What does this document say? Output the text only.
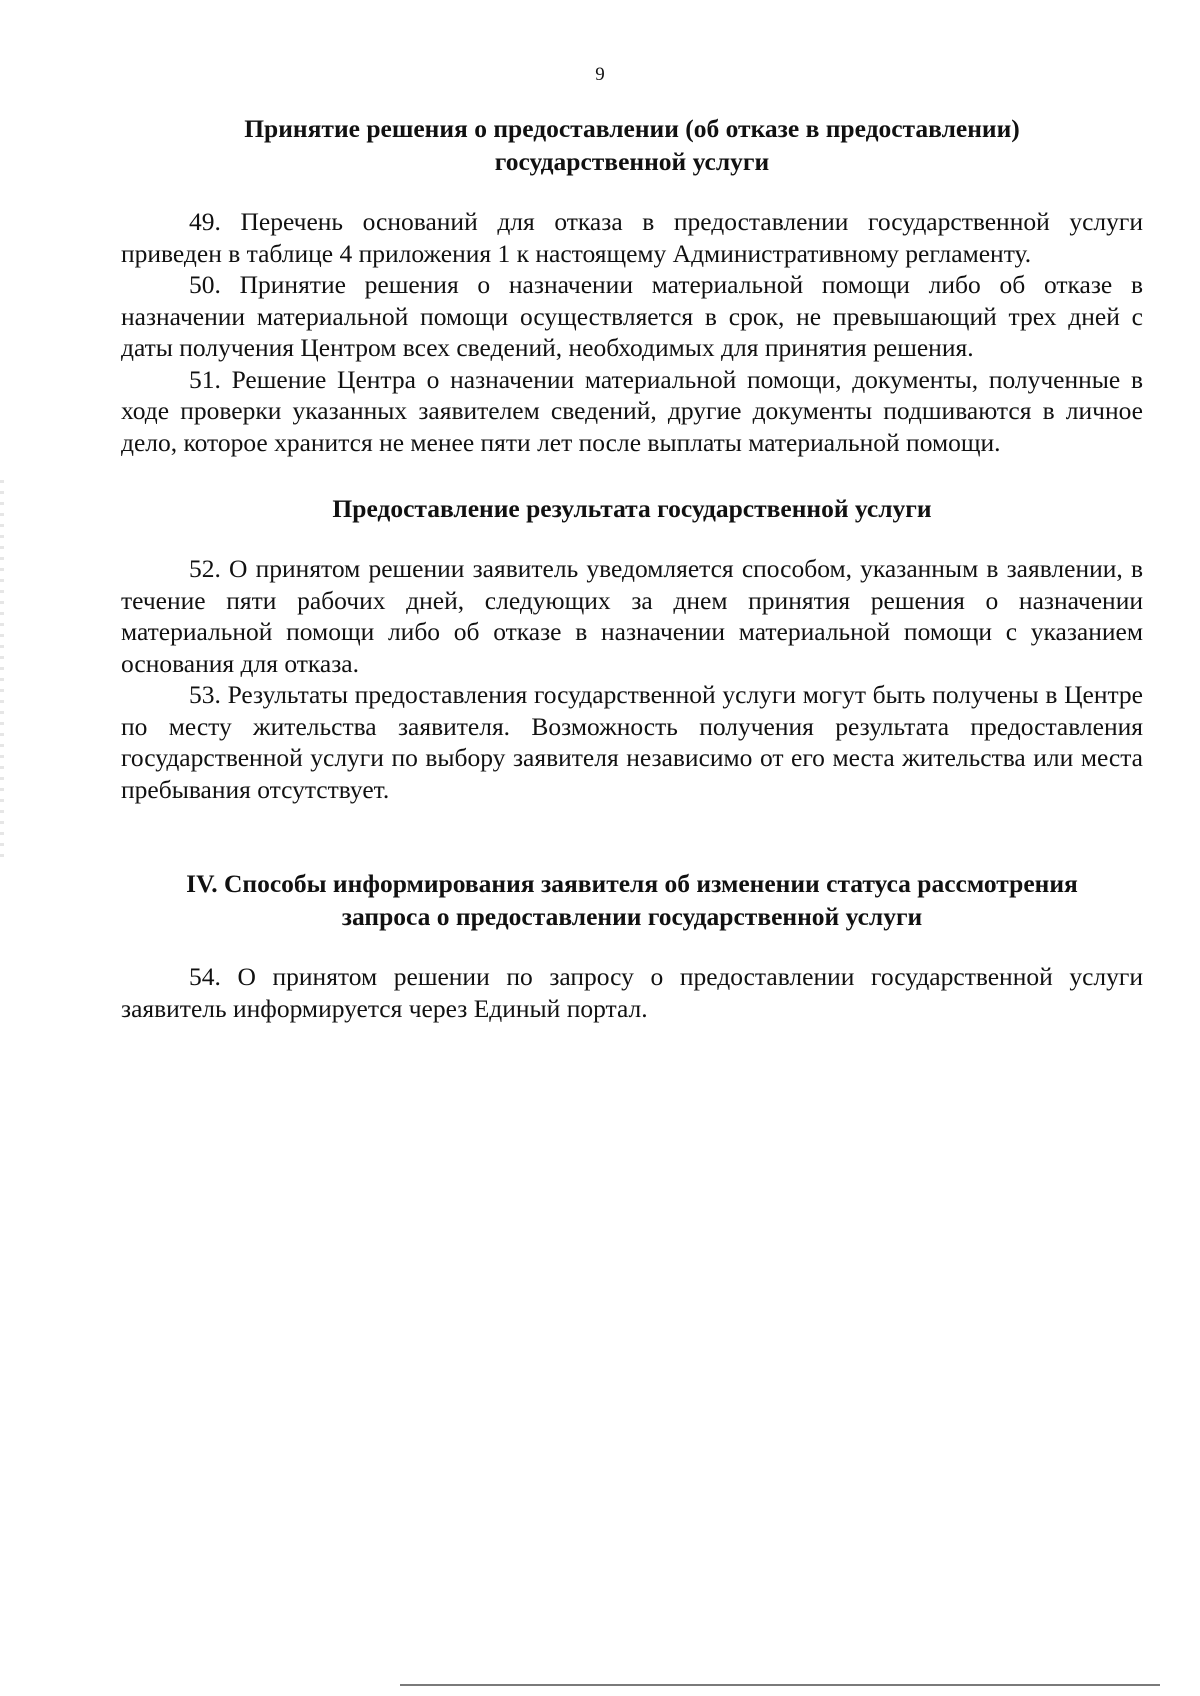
9
Принятие решения о предоставлении (об отказе в предоставлении)
государственной услуги

49. Перечень оснований для отказа в предоставлении государственной услуги приведен в таблице 4 приложения 1 к настоящему Административному регламенту.

50. Принятие решения о назначении материальной помощи либо об отказе в назначении материальной помощи осуществляется в срок, не превышающий трех дней с даты получения Центром всех сведений, необходимых для принятия решения.

51. Решение Центра о назначении материальной помощи, документы, полученные в ходе проверки указанных заявителем сведений, другие документы подшиваются в личное дело, которое хранится не менее пяти лет после выплаты материальной помощи.

Предоставление результата государственной услуги

52. О принятом решении заявитель уведомляется способом, указанным в заявлении, в течение пяти рабочих дней, следующих за днем принятия решения о назначении материальной помощи либо об отказе в назначении материальной помощи с указанием основания для отказа.

53. Результаты предоставления государственной услуги могут быть получены в Центре по месту жительства заявителя. Возможность получения результата предоставления государственной услуги по выбору заявителя независимо от его места жительства или места пребывания отсутствует.

IV. Способы информирования заявителя об изменении статуса рассмотрения
запроса о предоставлении государственной услуги

54. О принятом решении по запросу о предоставлении государственной услуги заявитель информируется через Единый портал.
